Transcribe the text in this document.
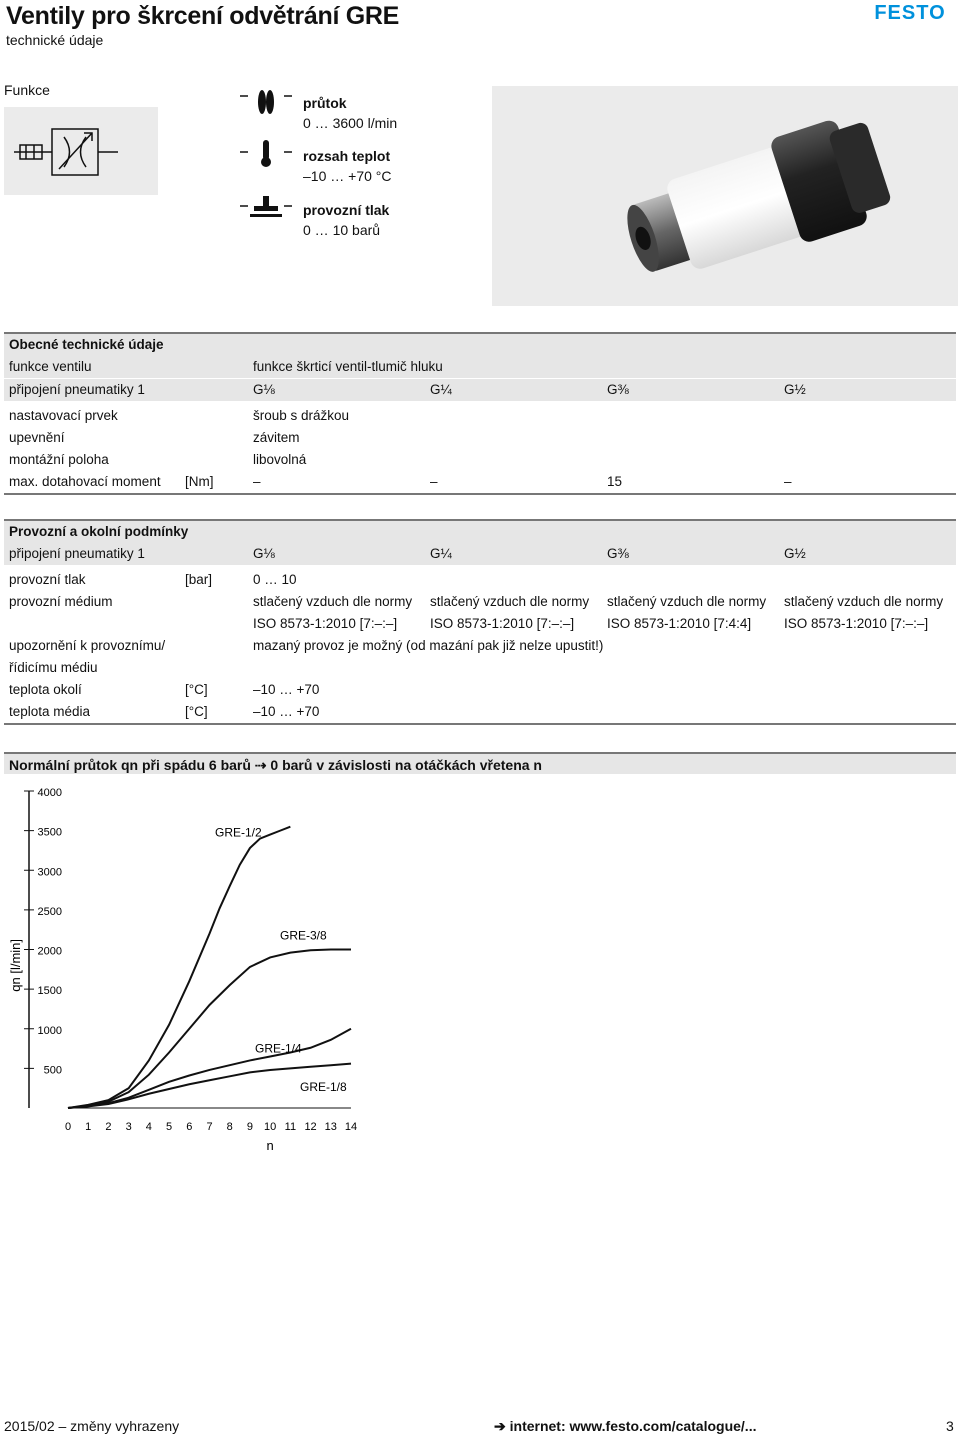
Ventily pro škrcení odvětrání GRE
technické údaje
FESTO
Funkce
průtok
0 … 3600 l/min
rozsah teplot
–10 … +70 °C
provozní tlak
0 … 10 barů
Obecné technické údaje					
funkce ventilu		funkce škrticí ventil-tlumič hluku			
připojení pneumatiky 1		G⅛	G¼	G⅜	G½

nastavovací prvek		šroub s drážkou			
upevnění		závitem			
montážní poloha		libovolná			
max. dotahovací moment	[Nm]	–	–	15	–
Provozní a okolní podmínky					
připojení pneumatiky 1		G⅛	G¼	G⅜	G½

provozní tlak	[bar]	0 … 10			
provozní médium		stlačený vzduch dle normy	stlačený vzduch dle normy	stlačený vzduch dle normy	stlačený vzduch dle normy
		ISO 8573-1:2010 [7:–:–]	ISO 8573-1:2010 [7:–:–]	ISO 8573-1:2010 [7:4:4]	ISO 8573-1:2010 [7:–:–]
upozornění k provoznímu/		mazaný provoz je možný (od mazání pak již nelze upustit!)			
řídicímu médiu					
teplota okolí	[°C]	–10 … +70			
teplota média	[°C]	–10 … +70			
Normální průtok qn při spádu 6 barů ⇢ 0 barů v závislosti na otáčkách vřetena n
500
1000
1500
2000
2500
3000
3500
4000
0 1 2 3 4 5 6 7 8 9 10 11 12 13 14
n
qn [l/min]
GRE-1/2
GRE-3/8
GRE-1/4
GRE-1/8
2015/02 – změny vyhrazeny	➔ internet: www.festo.com/catalogue/...	3
